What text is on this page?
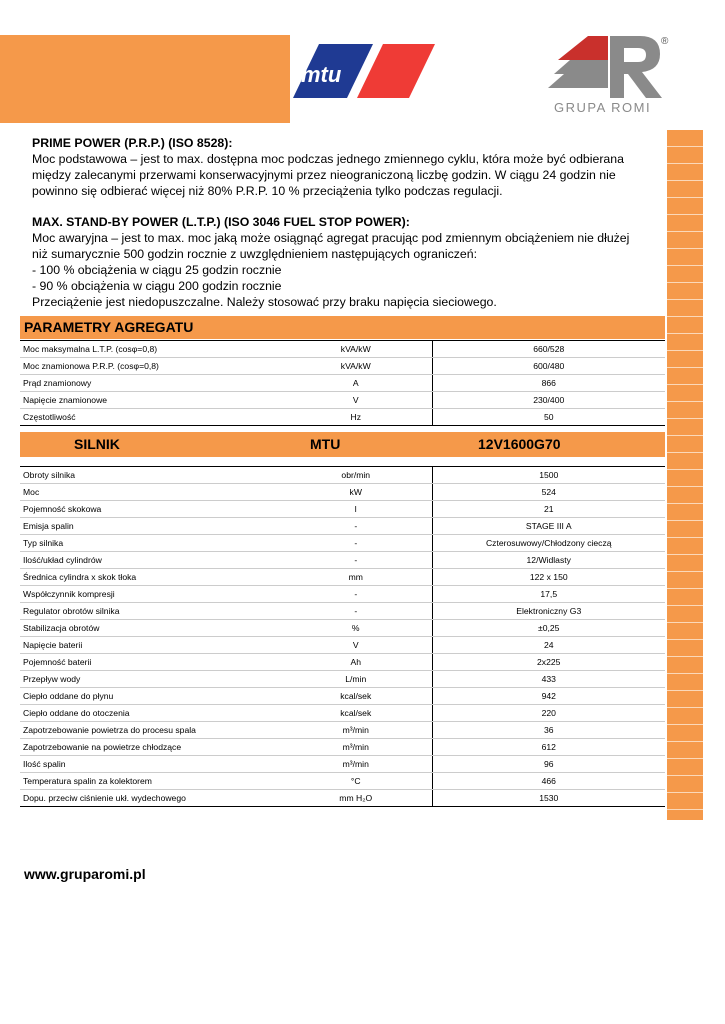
mtu
®
GRUPA ROMI

PRIME POWER (P.R.P.) (ISO 8528):

Moc podstawowa – jest to max. dostępna moc podczas jednego zmiennego cyklu, która może być odbierana między zalecanymi przerwami konserwacyjnymi przez nieograniczoną liczbę godzin. W ciągu 24 godzin nie powinno się odbierać więcej niż 80% P.R.P. 10 % przeciążenia tylko podczas regulacji.

MAX. STAND-BY POWER (L.T.P.) (ISO 3046 FUEL STOP POWER):

Moc awaryjna – jest to max. moc jaką może osiągnąć agregat pracując pod zmiennym obciążeniem nie dłużej niż sumarycznie 500 godzin rocznie z uwzględnieniem następujących ograniczeń:

- 100 % obciążenia w ciągu 25 godzin rocznie

- 90 % obciążenia w ciągu 200 godzin rocznie

Przeciążenie jest niedopuszczalne. Należy stosować przy braku napięcia sieciowego.

PARAMETRY AGREGATU
Moc maksymalna L.T.P. (cosφ=0,8)	kVA/kW	660/528
Moc znamionowa P.R.P. (cosφ=0,8)	kVA/kW	600/480
Prąd znamionowy	A	866
Napięcie znamionowe	V	230/400
Częstotliwość	Hz	50
SILNIK	MTU	12V1600G70
Obroty silnika	obr/min	1500
Moc	kW	524
Pojemność skokowa	l	21
Emisja spalin	-	STAGE III A
Typ silnika	-	Czterosuwowy/Chłodzony cieczą
Ilość/układ cylindrów	-	12/Widlasty
Średnica cylindra x skok tłoka	mm	122 x 150
Współczynnik kompresji	-	17,5
Regulator obrotów silnika	-	Elektroniczny G3
Stabilizacja obrotów	%	±0,25
Napięcie baterii	V	24
Pojemność baterii	Ah	2x225
Przepływ wody	L/min	433
Ciepło oddane do płynu	kcal/sek	942
Ciepło oddane do otoczenia	kcal/sek	220
Zapotrzebowanie powietrza do procesu spala	m³/min	36
Zapotrzebowanie na powietrze chłodzące	m³/min	612
Ilość spalin	m³/min	96
Temperatura spalin za kolektorem	°C	466
Dopu. przeciw ciśnienie ukł. wydechowego	mm H₂O	1530
www.gruparomi.pl
